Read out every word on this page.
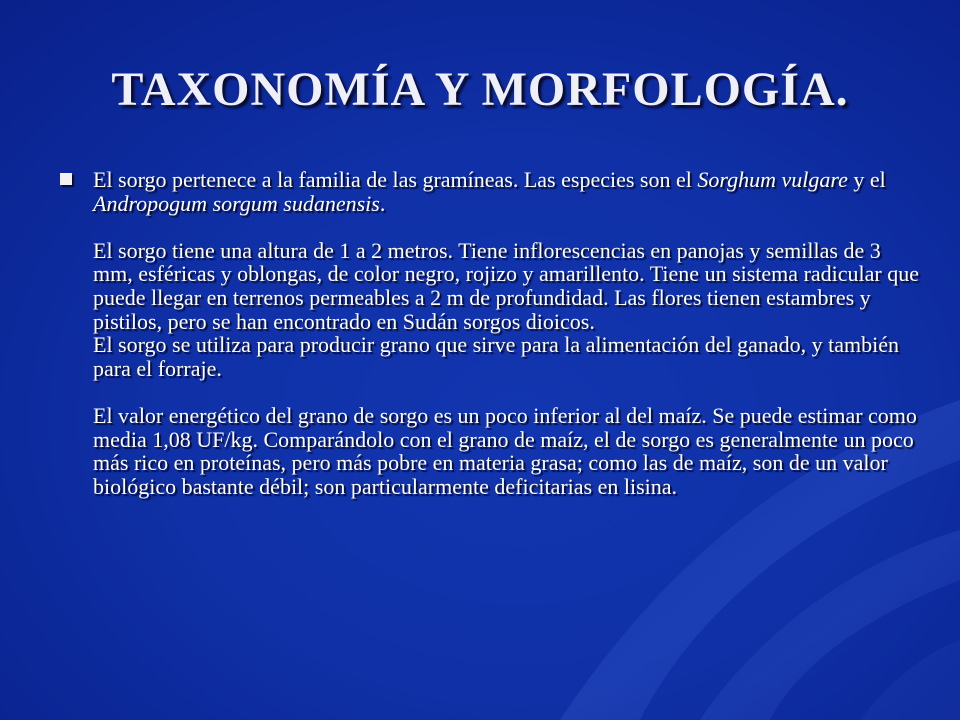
TAXONOMÍA Y MORFOLOGÍA.
El sorgo pertenece a la familia de las gramíneas. Las especies son el Sorghum vulgare y el Andropogum sorgum sudanensis.
El sorgo tiene una altura de 1 a 2 metros. Tiene inflorescencias en panojas y semillas de 3 mm, esféricas y oblongas, de color negro, rojizo y amarillento. Tiene un sistema radicular que puede llegar en terrenos permeables a 2 m de profundidad. Las flores tienen estambres y pistilos, pero se han encontrado en Sudán sorgos dioicos.
El sorgo se utiliza para producir grano que sirve para la alimentación del ganado, y también para el forraje.
El valor energético del grano de sorgo es un poco inferior al del maíz. Se puede estimar como media 1,08 UF/kg. Comparándolo con el grano de maíz, el de sorgo es generalmente un poco más rico en proteínas, pero más pobre en materia grasa; como las de maíz, son de un valor biológico bastante débil; son particularmente deficitarias en lisina.
